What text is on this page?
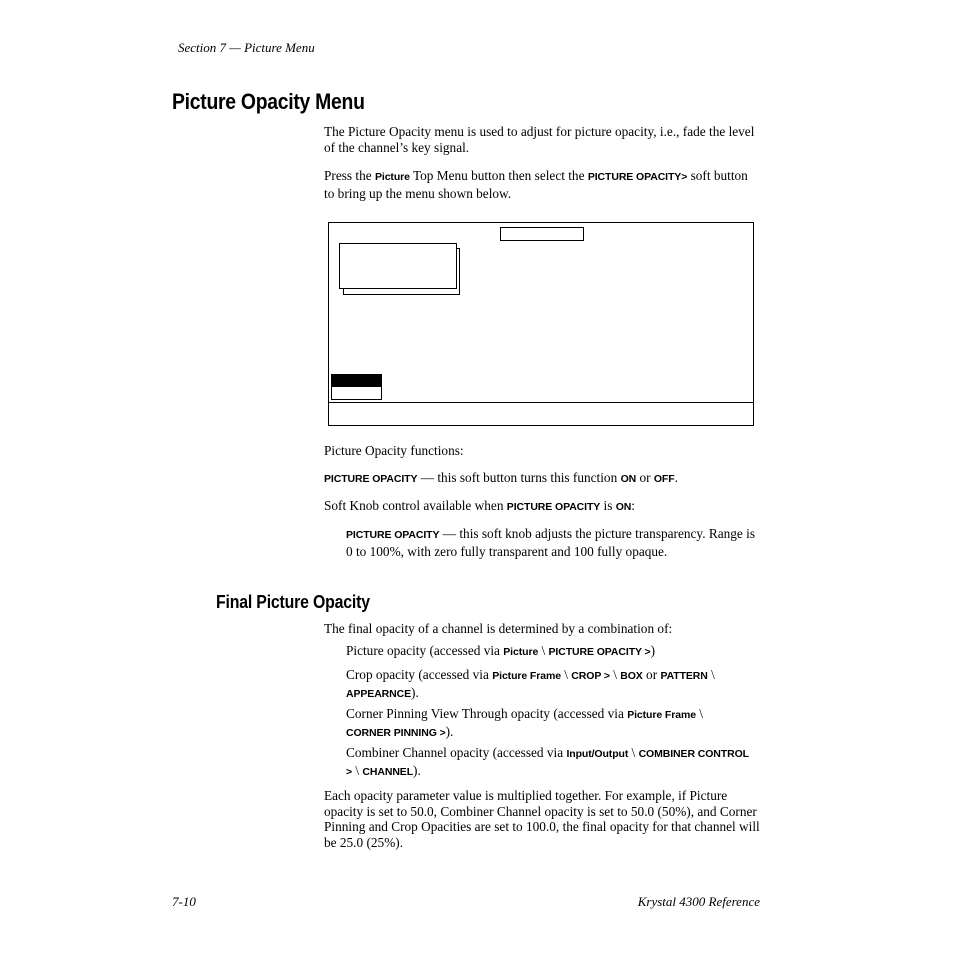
Section 7 — Picture Menu
Picture Opacity Menu

The Picture Opacity menu is used to adjust for picture opacity, i.e., fade the level of the channel’s key signal.

Press the Picture Top Menu button then select the PICTURE OPACITY> soft button to bring up the menu shown below.

Picture Opacity functions:

PICTURE OPACITY — this soft button turns this function ON or OFF.

Soft Knob control available when PICTURE OPACITY is ON:

PICTURE OPACITY — this soft knob adjusts the picture transparency. Range is 0 to 100%, with zero fully transparent and 100 fully opaque.

Final Picture Opacity

The final opacity of a channel is determined by a combination of:

Picture opacity (accessed via Picture \ PICTURE OPACITY >)

Crop opacity (accessed via Picture Frame \ CROP > \ BOX or PATTERN \ APPEARNCE).

Corner Pinning View Through opacity (accessed via Picture Frame \ CORNER PINNING >).

Combiner Channel opacity (accessed via Input/Output \ COMBINER CONTROL > \ CHANNEL).

Each opacity parameter value is multiplied together. For example, if Picture opacity is set to 50.0, Combiner Channel opacity is set to 50.0 (50%), and Corner Pinning and Crop Opacities are set to 100.0, the final opacity for that channel will be 25.0 (25%).

7-10	Krystal 4300 Reference
